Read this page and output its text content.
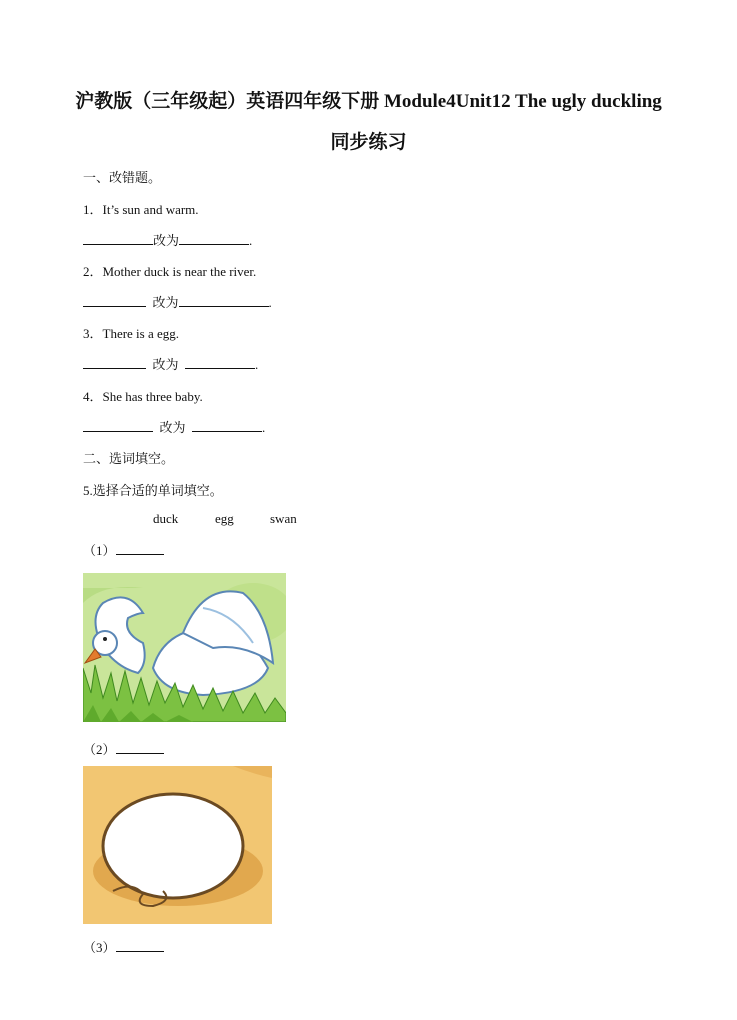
沪教版（三年级起）英语四年级下册 Module4Unit12 The ugly duckling
同步练习
一、改错题。
1．It’s sun and warm.
改为	.
2．Mother duck is near the river.
改为	.
3．There is a egg.
改为	.
4．She has three baby.
改为	.
二、选词填空。
5.选择合适的单词填空。
duck	egg	swan
（1）
（2）
（3）
